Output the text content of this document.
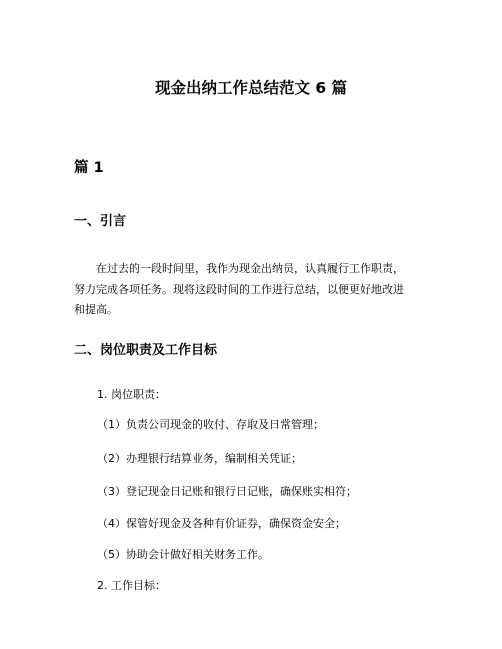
现金出纳工作总结范文 6 篇
篇 1
一、引言

在过去的一段时间里，我作为现金出纳员，认真履行工作职责，
努力完成各项任务。现将这段时间的工作进行总结，以便更好地改进
和提高。

二、岗位职责及工作目标
1. 岗位职责：
（1）负责公司现金的收付、存取及日常管理；
（2）办理银行结算业务，编制相关凭证；
（3）登记现金日记账和银行日记账，确保账实相符；
（4）保管好现金及各种有价证券，确保资金安全；
（5）协助会计做好相关财务工作。
2. 工作目标：
